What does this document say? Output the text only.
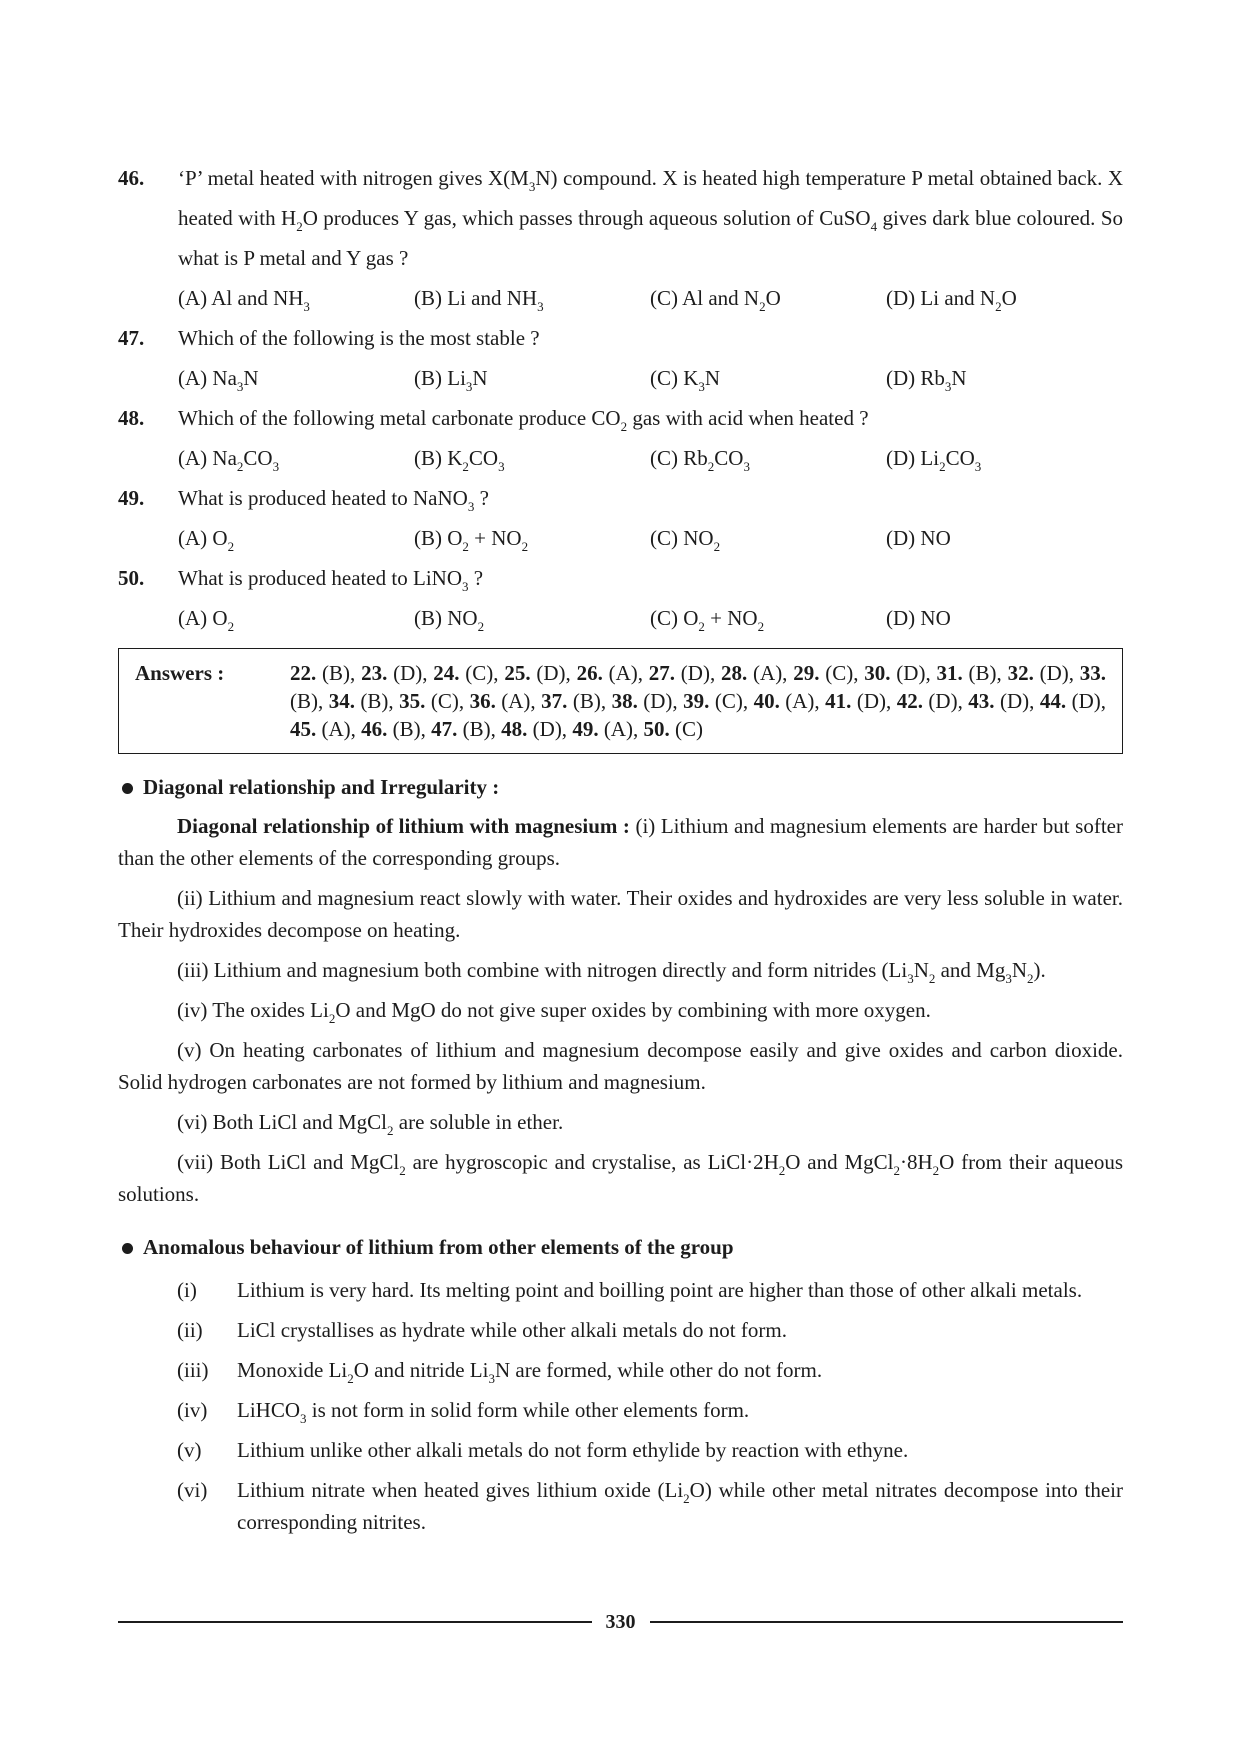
46.	‘P’ metal heated with nitrogen gives $X(M_3N)$ compound. X is heated high temperature P metal obtained back. X heated with $H_2O$ produces Y gas, which passes through aqueous solution of CuSO$_4$ gives dark blue coloured. So what is P metal and Y gas ?
(A) Al and $NH_3$	(B) Li and $NH_3$	(C) Al and $N_2O$	(D) Li and $N_2O$
47.	Which of the following is the most stable ?
(A) $Na_3N$	(B) $Li_3N$	(C) $K_3N$	(D) $Rb_3N$
48.	Which of the following metal carbonate produce $CO_2$ gas with acid when heated ?
(A) $Na_2CO_3$	(B) $K_2CO_3$	(C) $Rb_2CO_3$	(D) $Li_2CO_3$
49.	What is produced heated to NaNO$_3$ ?
(A) $O_2$	(B) $O_2 + NO_2$	(C) $NO_2$	(D) NO
50.	What is produced heated to LiNO$_3$ ?
(A) $O_2$	(B) $NO_2$	(C) $O_2 + NO_2$	(D) NO
Answers :	22. (B), 23. (D), 24. (C), 25. (D), 26. (A), 27. (D), 28. (A), 29. (C), 30. (D), 31. (B), 32. (D), 33. (B), 34. (B), 35. (C), 36. (A), 37. (B), 38. (D), 39. (C), 40. (A), 41. (D), 42. (D), 43. (D), 44. (D), 45. (A), 46. (B), 47. (B), 48. (D), 49. (A), 50. (C)
Diagonal relationship and Irregularity :
Diagonal relationship of lithium with magnesium : (i) Lithium and magnesium elements are harder but softer than the other elements of the corresponding groups.
(ii) Lithium and magnesium react slowly with water. Their oxides and hydroxides are very less soluble in water. Their hydroxides decompose on heating.
(iii) Lithium and magnesium both combine with nitrogen directly and form nitrides ($Li_3N_2$ and $Mg_3N_2$).
(iv) The oxides $Li_2O$ and MgO do not give super oxides by combining with more oxygen.
(v) On heating carbonates of lithium and magnesium decompose easily and give oxides and carbon dioxide. Solid hydrogen carbonates are not formed by lithium and magnesium.
(vi) Both LiCl and MgCl$_2$ are soluble in ether.
(vii) Both LiCl and MgCl$_2$ are hygroscopic and crystalise, as $LiCl\cdot 2H_2O$ and $MgCl_2\cdot 8H_2O$ from their aqueous solutions.
Anomalous behaviour of lithium from other elements of the group
(i)	Lithium is very hard. Its melting point and boilling point are higher than those of other alkali metals.
(ii)	LiCl crystallises as hydrate while other alkali metals do not form.
(iii)	Monoxide $Li_2O$ and nitride $Li_3N$ are formed, while other do not form.
(iv)	LiHCO$_3$ is not form in solid form while other elements form.
(v)	Lithium unlike other alkali metals do not form ethylide by reaction with ethyne.
(vi)	Lithium nitrate when heated gives lithium oxide $(Li_2O)$ while other metal nitrates decompose into their corresponding nitrites.
330
